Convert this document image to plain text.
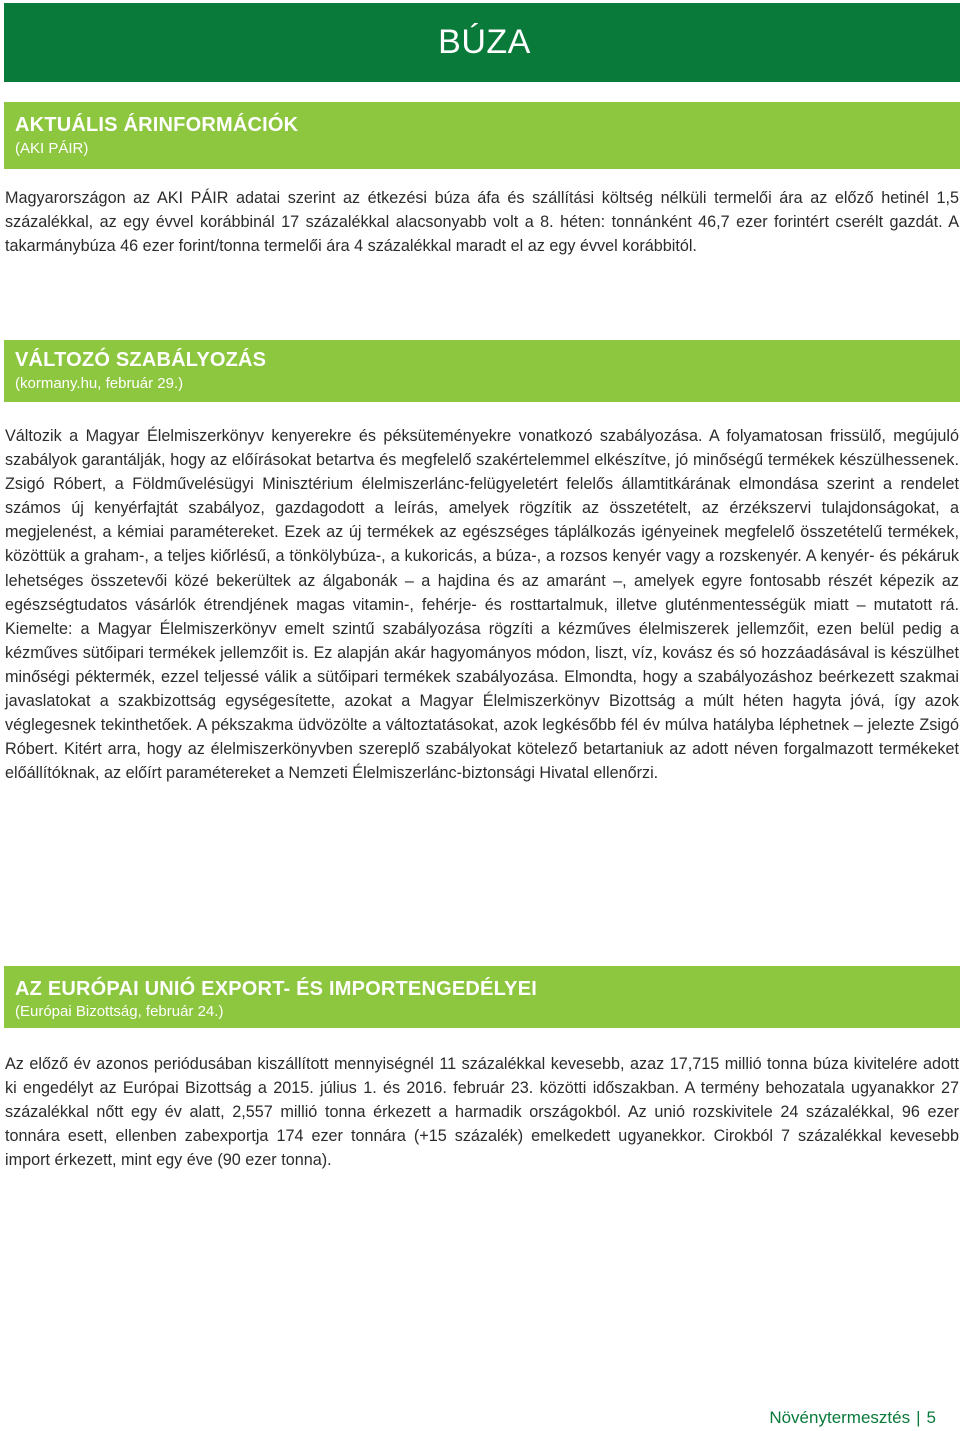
BÚZA
AKTUÁLIS ÁRINFORMÁCIÓK
(AKI PÁIR)

Magyarországon az AKI PÁIR adatai szerint az étkezési búza áfa és szállítási költség nélküli termelői ára az előző hetinél 1,5 százalékkal, az egy évvel korábbinál 17 százalékkal alacsonyabb volt a 8. héten: tonnánként 46,7 ezer forintért cserélt gazdát. A takarmánybúza 46 ezer forint/tonna termelői ára 4 százalékkal maradt el az egy évvel korábbitól.

VÁLTOZÓ SZABÁLYOZÁS
(kormany.hu, február 29.)

Változik a Magyar Élelmiszerkönyv kenyerekre és péksüteményekre vonatkozó szabályozása. A folyamatosan frissülő, megújuló szabályok garantálják, hogy az előírásokat betartva és megfelelő szakértelemmel elkészítve, jó minőségű termékek készülhessenek. Zsigó Róbert, a Földművelésügyi Minisztérium élelmiszerlánc-felügyeletért felelős államtitkárának elmondása szerint a rendelet számos új kenyérfajtát szabályoz, gazdagodott a leírás, amelyek rögzítik az összetételt, az érzékszervi tulajdonságokat, a megjelenést, a kémiai paramétereket. Ezek az új termékek az egészséges táplálkozás igényeinek megfelelő összetételű termékek, közöttük a graham-, a teljes kiőrlésű, a tönkölybúza-, a kukoricás, a búza-, a rozsos kenyér vagy a rozskenyér. A kenyér- és pékáruk lehetséges összetevői közé bekerültek az álgabonák – a hajdina és az amaránt –, amelyek egyre fontosabb részét képezik az egészségtudatos vásárlók étrendjének magas vitamin-, fehérje- és rosttartalmuk, illetve gluténmentességük miatt – mutatott rá. Kiemelte: a Magyar Élelmiszerkönyv emelt szintű szabályozása rögzíti a kézműves élelmiszerek jellemzőit, ezen belül pedig a kézműves sütőipari termékek jellemzőit is. Ez alapján akár hagyományos módon, liszt, víz, kovász és só hozzáadásával is készülhet minőségi péktermék, ezzel teljessé válik a sütőipari termékek szabályozása. Elmondta, hogy a szabályozáshoz beérkezett szakmai javaslatokat a szakbizottság egységesítette, azokat a Magyar Élelmiszerkönyv Bizottság a múlt héten hagyta jóvá, így azok véglegesnek tekinthetőek. A pékszakma üdvözölte a változtatásokat, azok legkésőbb fél év múlva hatályba léphetnek – jelezte Zsigó Róbert. Kitért arra, hogy az élelmiszerkönyvben szereplő szabályokat kötelező betartaniuk az adott néven forgalmazott termékeket előállítóknak, az előírt paramétereket a Nemzeti Élelmiszerlánc-biztonsági Hivatal ellenőrzi.

AZ EURÓPAI UNIÓ EXPORT- ÉS IMPORTENGEDÉLYEI
(Európai Bizottság, február 24.)

Az előző év azonos periódusában kiszállított mennyiségnél 11 százalékkal kevesebb, azaz 17,715 millió tonna búza kivitelére adott ki engedélyt az Európai Bizottság a 2015. július 1. és 2016. február 23. közötti időszakban. A termény behozatala ugyanakkor 27 százalékkal nőtt egy év alatt, 2,557 millió tonna érkezett a harmadik országokból. Az unió rozskivitele 24 százalékkal, 96 ezer tonnára esett, ellenben zabexportja 174 ezer tonnára (+15 százalék) emelkedett ugyanekkor. Cirokból 7 százalékkal kevesebb import érkezett, mint egy éve (90 ezer tonna).

Növénytermesztés | 5
